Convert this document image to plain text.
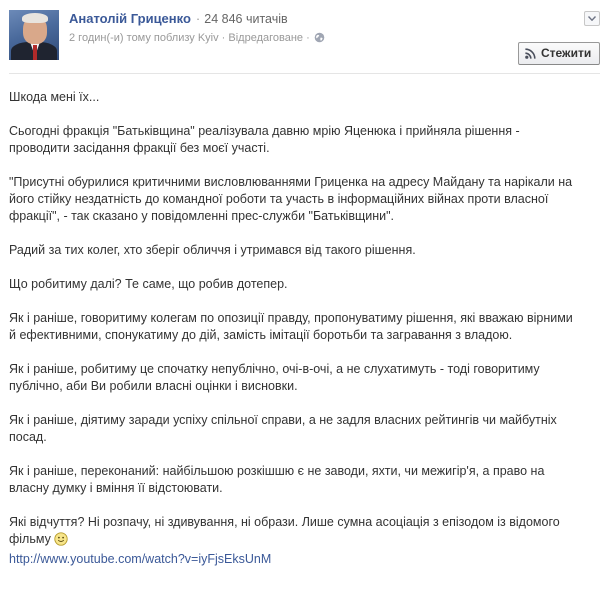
Анатолій Гриценко · 24 846 читачів
2 годин(-и) тому поблизу Kyiv · Відредаговане ·
Стежити

Шкода мені їх...

Сьогодні фракція "Батьківщина" реалізувала давню мрію Яценюка і прийняла рішення -
проводити засідання фракції без моєї участі.

"Присутні обурилися критичними висловлюваннями Гриценка на адресу Майдану та нарікали на
його стійку нездатність до командної роботи та участь в інформаційних війнах проти власної
фракції", - так сказано у повідомленні прес-служби "Батьківщини".

Радий за тих колег, хто зберіг обличчя і утримався від такого рішення.

Що робитиму далі? Те саме, що робив дотепер.

Як і раніше, говоритиму колегам по опозиції правду, пропонуватиму рішення, які вважаю вірними
й ефективними, спонукатиму до дій, замість імітації боротьби та загравання з владою.

Як і раніше, робитиму це спочатку непублічно, очі-в-очі, а не слухатимуть - тоді говоритиму
публічно, аби Ви робили власні оцінки і висновки.

Як і раніше, діятиму заради успіху спільної справи, а не задля власних рейтингів чи майбутніх
посад.

Як і раніше, переконаний: найбільшою розкішшю є не заводи, яхти, чи межигір'я, а право на
власну думку і вміння її відстоювати.

Які відчуття? Ні розпачу, ні здивування, ні образи. Лише сумна асоціація з епізодом із відомого
фільму
http://www.youtube.com/watch?v=iyFjsEksUnM
